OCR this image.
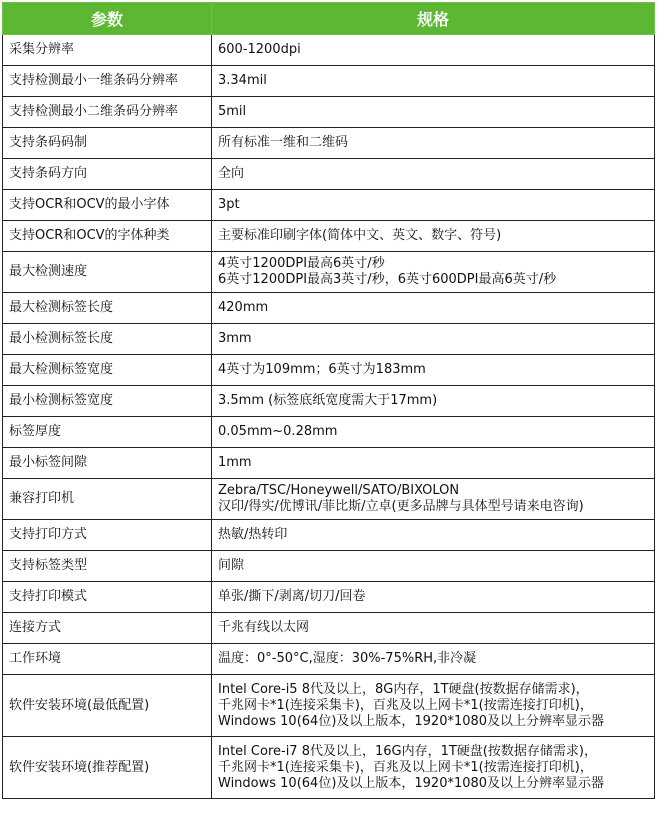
参数	规格
采集分辨率	600-1200dpi
支持检测最小一维条码分辨率	3.34mil
支持检测最小二维条码分辨率	5mil
支持条码码制	所有标准一维和二维码
支持条码方向	全向
支持OCR和OCV的最小字体	3pt
支持OCR和OCV的字体种类	主要标准印刷字体(简体中文、英文、数字、符号)
最大检测速度	4英寸1200DPI最高6英寸/秒
6英寸1200DPI最高3英寸/秒，6英寸600DPI最高6英寸/秒
最大检测标签长度	420mm
最小检测标签长度	3mm
最大检测标签宽度	4英寸为109mm；6英寸为183mm
最小检测标签宽度	3.5mm (标签底纸宽度需大于17mm)
标签厚度	0.05mm~0.28mm
最小标签间隙	1mm
兼容打印机	Zebra/TSC/Honeywell/SATO/BIXOLON
汉印/得实/优博讯/菲比斯/立卓(更多品牌与具体型号请来电咨询)
支持打印方式	热敏/热转印
支持标签类型	间隙
支持打印模式	单张/撕下/剥离/切刀/回卷
连接方式	千兆有线以太网
工作环境	温度：0°-50°C,湿度：30%-75%RH,非冷凝
软件安装环境(最低配置)	Intel Core-i5 8代及以上，8G内存，1T硬盘(按数据存储需求)，
千兆网卡*1(连接采集卡)，百兆及以上网卡*1(按需连接打印机)，
Windows 10(64位)及以上版本，1920*1080及以上分辨率显示器
软件安装环境(推荐配置)	Intel Core-i7 8代及以上，16G内存，1T硬盘(按数据存储需求)，
千兆网卡*1(连接采集卡)，百兆及以上网卡*1(按需连接打印机)，
Windows 10(64位)及以上版本，1920*1080及以上分辨率显示器
